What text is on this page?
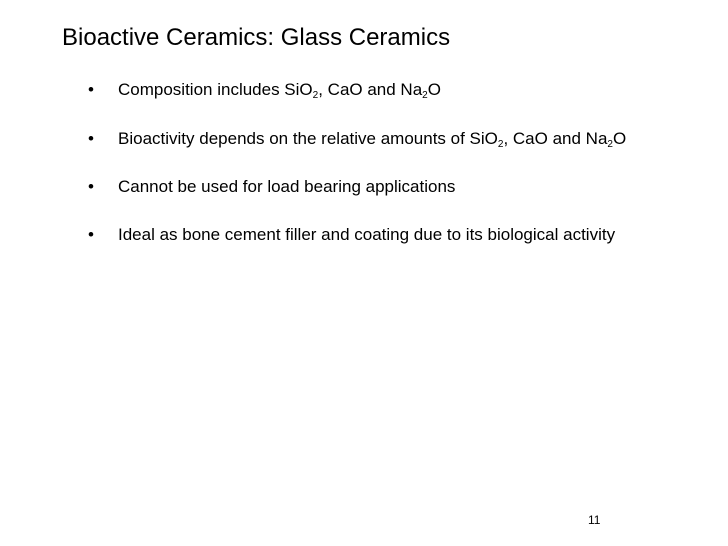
Bioactive Ceramics: Glass Ceramics
• Composition includes SiO$_2$, CaO and $Na_2O$
• Bioactivity depends on the relative amounts of SiO$_2$, CaO and $Na_2O$
• Cannot be used for load bearing applications
• Ideal as bone cement filler and coating due to its biological activity
11
